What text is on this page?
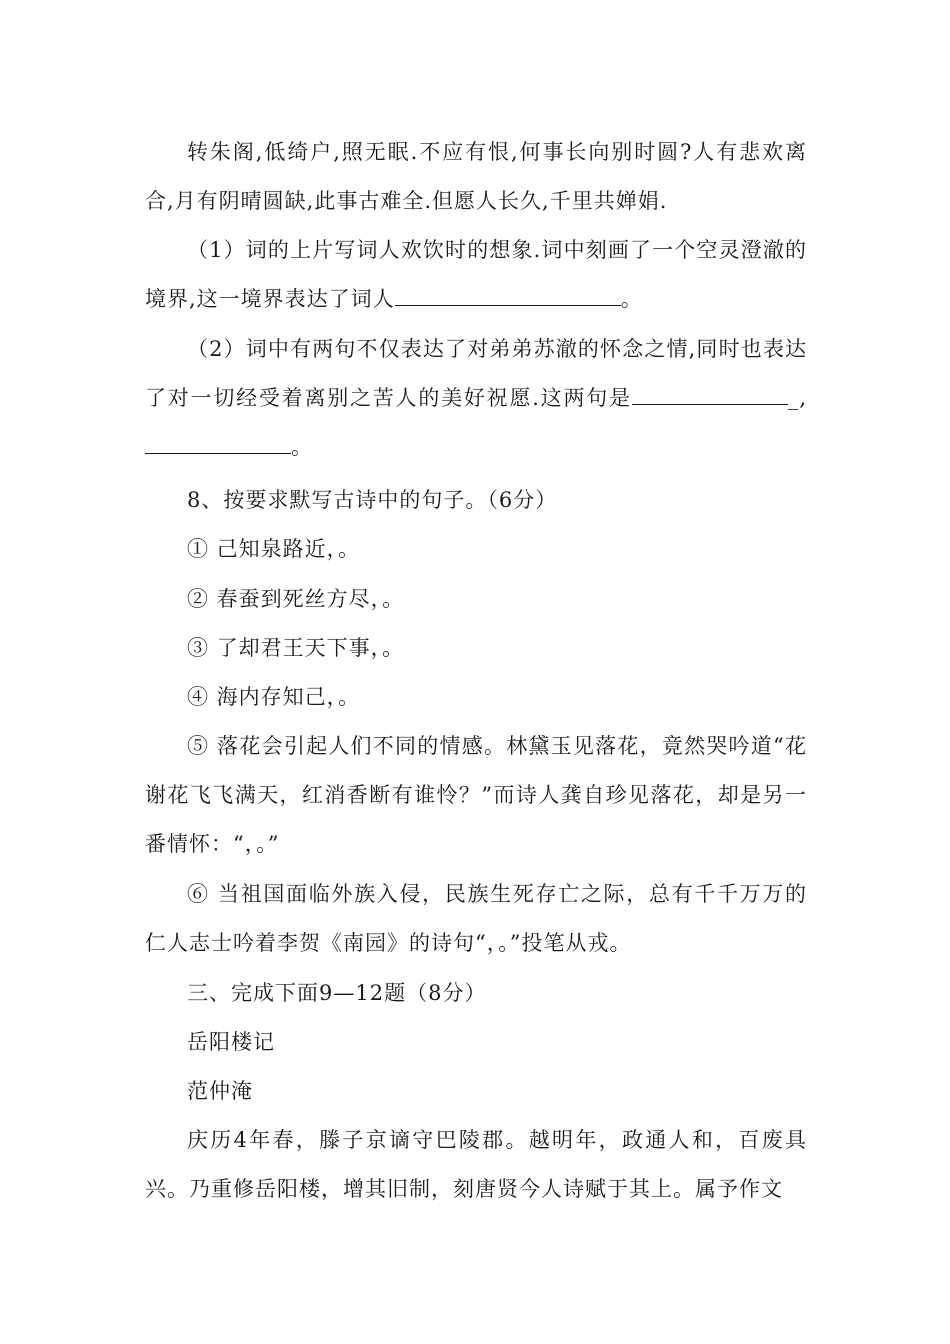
转朱阁,低绮户,照无眠.不应有恨,何事长向别时圆?人有悲欢离合,月有阴晴圆缺,此事古难全.但愿人长久,千里共婵娟.

（1）词的上片写词人欢饮时的想象.词中刻画了一个空灵澄澈的境界,这一境界表达了词人	。

（2）词中有两句不仅表达了对弟弟苏澈的怀念之情,同时也表达了对一切经受着离别之苦人的美好祝愿.这两句是	_,。

8、按要求默写古诗中的句子。（6分）

① 己知泉路近，。

② 春蚕到死丝方尽，。

③ 了却君王天下事，。

④ 海内存知己，。

⑤ 落花会引起人们不同的情感。林黛玉见落花，竟然哭吟道“花谢花飞飞满天，红消香断有谁怜？”而诗人龚自珍见落花，却是另一番情怀：“，。”

⑥ 当祖国面临外族入侵，民族生死存亡之际，总有千千万万的仁人志士吟着李贺《南园》的诗句“，。”投笔从戎。

三、完成下面9—12题（8分）

岳阳楼记

范仲淹

庆历4年春，滕子京谪守巴陵郡。越明年，政通人和，百废具兴。乃重修岳阳楼，增其旧制，刻唐贤今人诗赋于其上。属予作文
